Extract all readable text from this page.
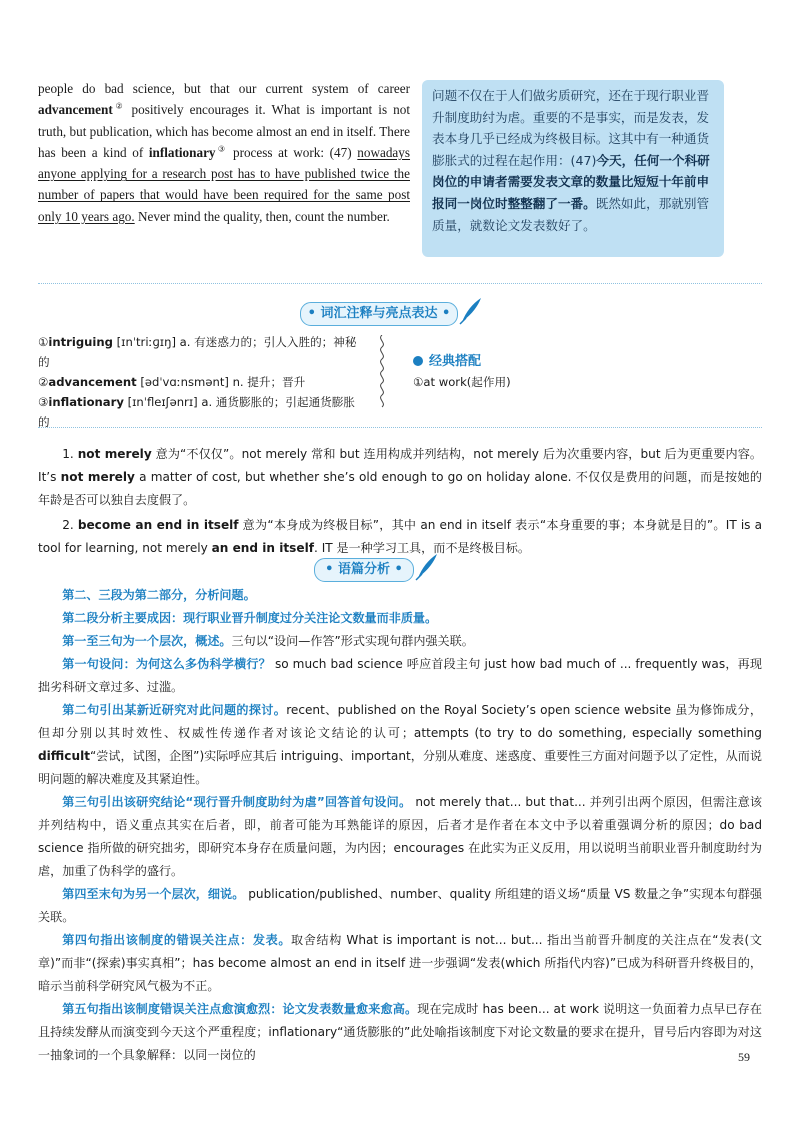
people do bad science, but that our current system of career advancement② positively encourages it. What is important is not truth, but publication, which has become almost an end in itself. There has been a kind of inflationary③ process at work: (47) nowadays anyone applying for a research post has to have published twice the number of papers that would have been required for the same post only 10 years ago. Never mind the quality, then, count the number.
问题不仅在于人们做劣质研究，还在于现行职业晋升制度助纣为虐。重要的不是事实，而是发表，发表本身几乎已经成为终极目标。这其中有一种通货膨胀式的过程在起作用：(47)今天，任何一个科研岗位的申请者需要发表文章的数量比短短十年前申报同一岗位时整整翻了一番。既然如此，那就别管质量，就数论文发表数好了。
• 词汇注释与亮点表达 •
①intriguing [ɪnˈtriːɡɪŋ] a. 有迷惑力的；引人入胜的；神秘的
②advancement [ədˈvɑːnsmənt] n. 提升；晋升
③inflationary [ɪnˈfleɪʃənrɪ] a. 通货膨胀的；引起通货膨胀的
经典搭配
①at work(起作用)

1. not merely 意为“不仅仅”。not merely 常和 but 连用构成并列结构，not merely 后为次重要内容，but 后为更重要内容。It’s not merely a matter of cost, but whether she’s old enough to go on holiday alone. 不仅仅是费用的问题，而是按她的年龄是否可以独自去度假了。

2. become an end in itself 意为“本身成为终极目标”，其中 an end in itself 表示“本身重要的事；本身就是目的”。IT is a tool for learning, not merely an end in itself. IT 是一种学习工具，而不是终极目标。

• 语篇分析 •

第二、三段为第二部分，分析问题。

第二段分析主要成因：现行职业晋升制度过分关注论文数量而非质量。

第一至三句为一个层次，概述。三句以“设问—作答”形式实现句群内强关联。

第一句设问：为何这么多伪科学横行？ so much bad science 呼应首段主句 just how bad much of ... frequently was，再现拙劣科研文章过多、过滥。

第二句引出某新近研究对此问题的探讨。recent、published on the Royal Society’s open science website 虽为修饰成分，但却分别以其时效性、权威性传递作者对该论文结论的认可；attempts (to try to do something, especially something difficult“尝试，试图，企图”)实际呼应其后 intriguing、important，分别从难度、迷惑度、重要性三方面对问题予以了定性，从而说明问题的解决难度及其紧迫性。

第三句引出该研究结论“现行晋升制度助纣为虐”回答首句设问。 not merely that... but that... 并列引出两个原因，但需注意该并列结构中，语义重点其实在后者，即，前者可能为耳熟能详的原因，后者才是作者在本文中予以着重强调分析的原因；do bad science 指所做的研究拙劣，即研究本身存在质量问题，为内因；encourages 在此实为正义反用，用以说明当前职业晋升制度助纣为虐，加重了伪科学的盛行。

第四至末句为另一个层次，细说。 publication/published、number、quality 所组建的语义场“质量 VS 数量之争”实现本句群强关联。

第四句指出该制度的错误关注点：发表。取舍结构 What is important is not... but... 指出当前晋升制度的关注点在“发表(文章)”而非“(探索)事实真相”；has become almost an end in itself 进一步强调“发表(which 所指代内容)”已成为科研晋升终极目的，暗示当前科学研究风气极为不正。

第五句指出该制度错误关注点愈演愈烈：论文发表数量愈来愈高。现在完成时 has been... at work 说明这一负面着力点早已存在且持续发酵从而演变到今天这个严重程度；inflationary“通货膨胀的”此处喻指该制度下对论文数量的要求在提升，冒号后内容即为对这一抽象词的一个具象解释：以同一岗位的	59
